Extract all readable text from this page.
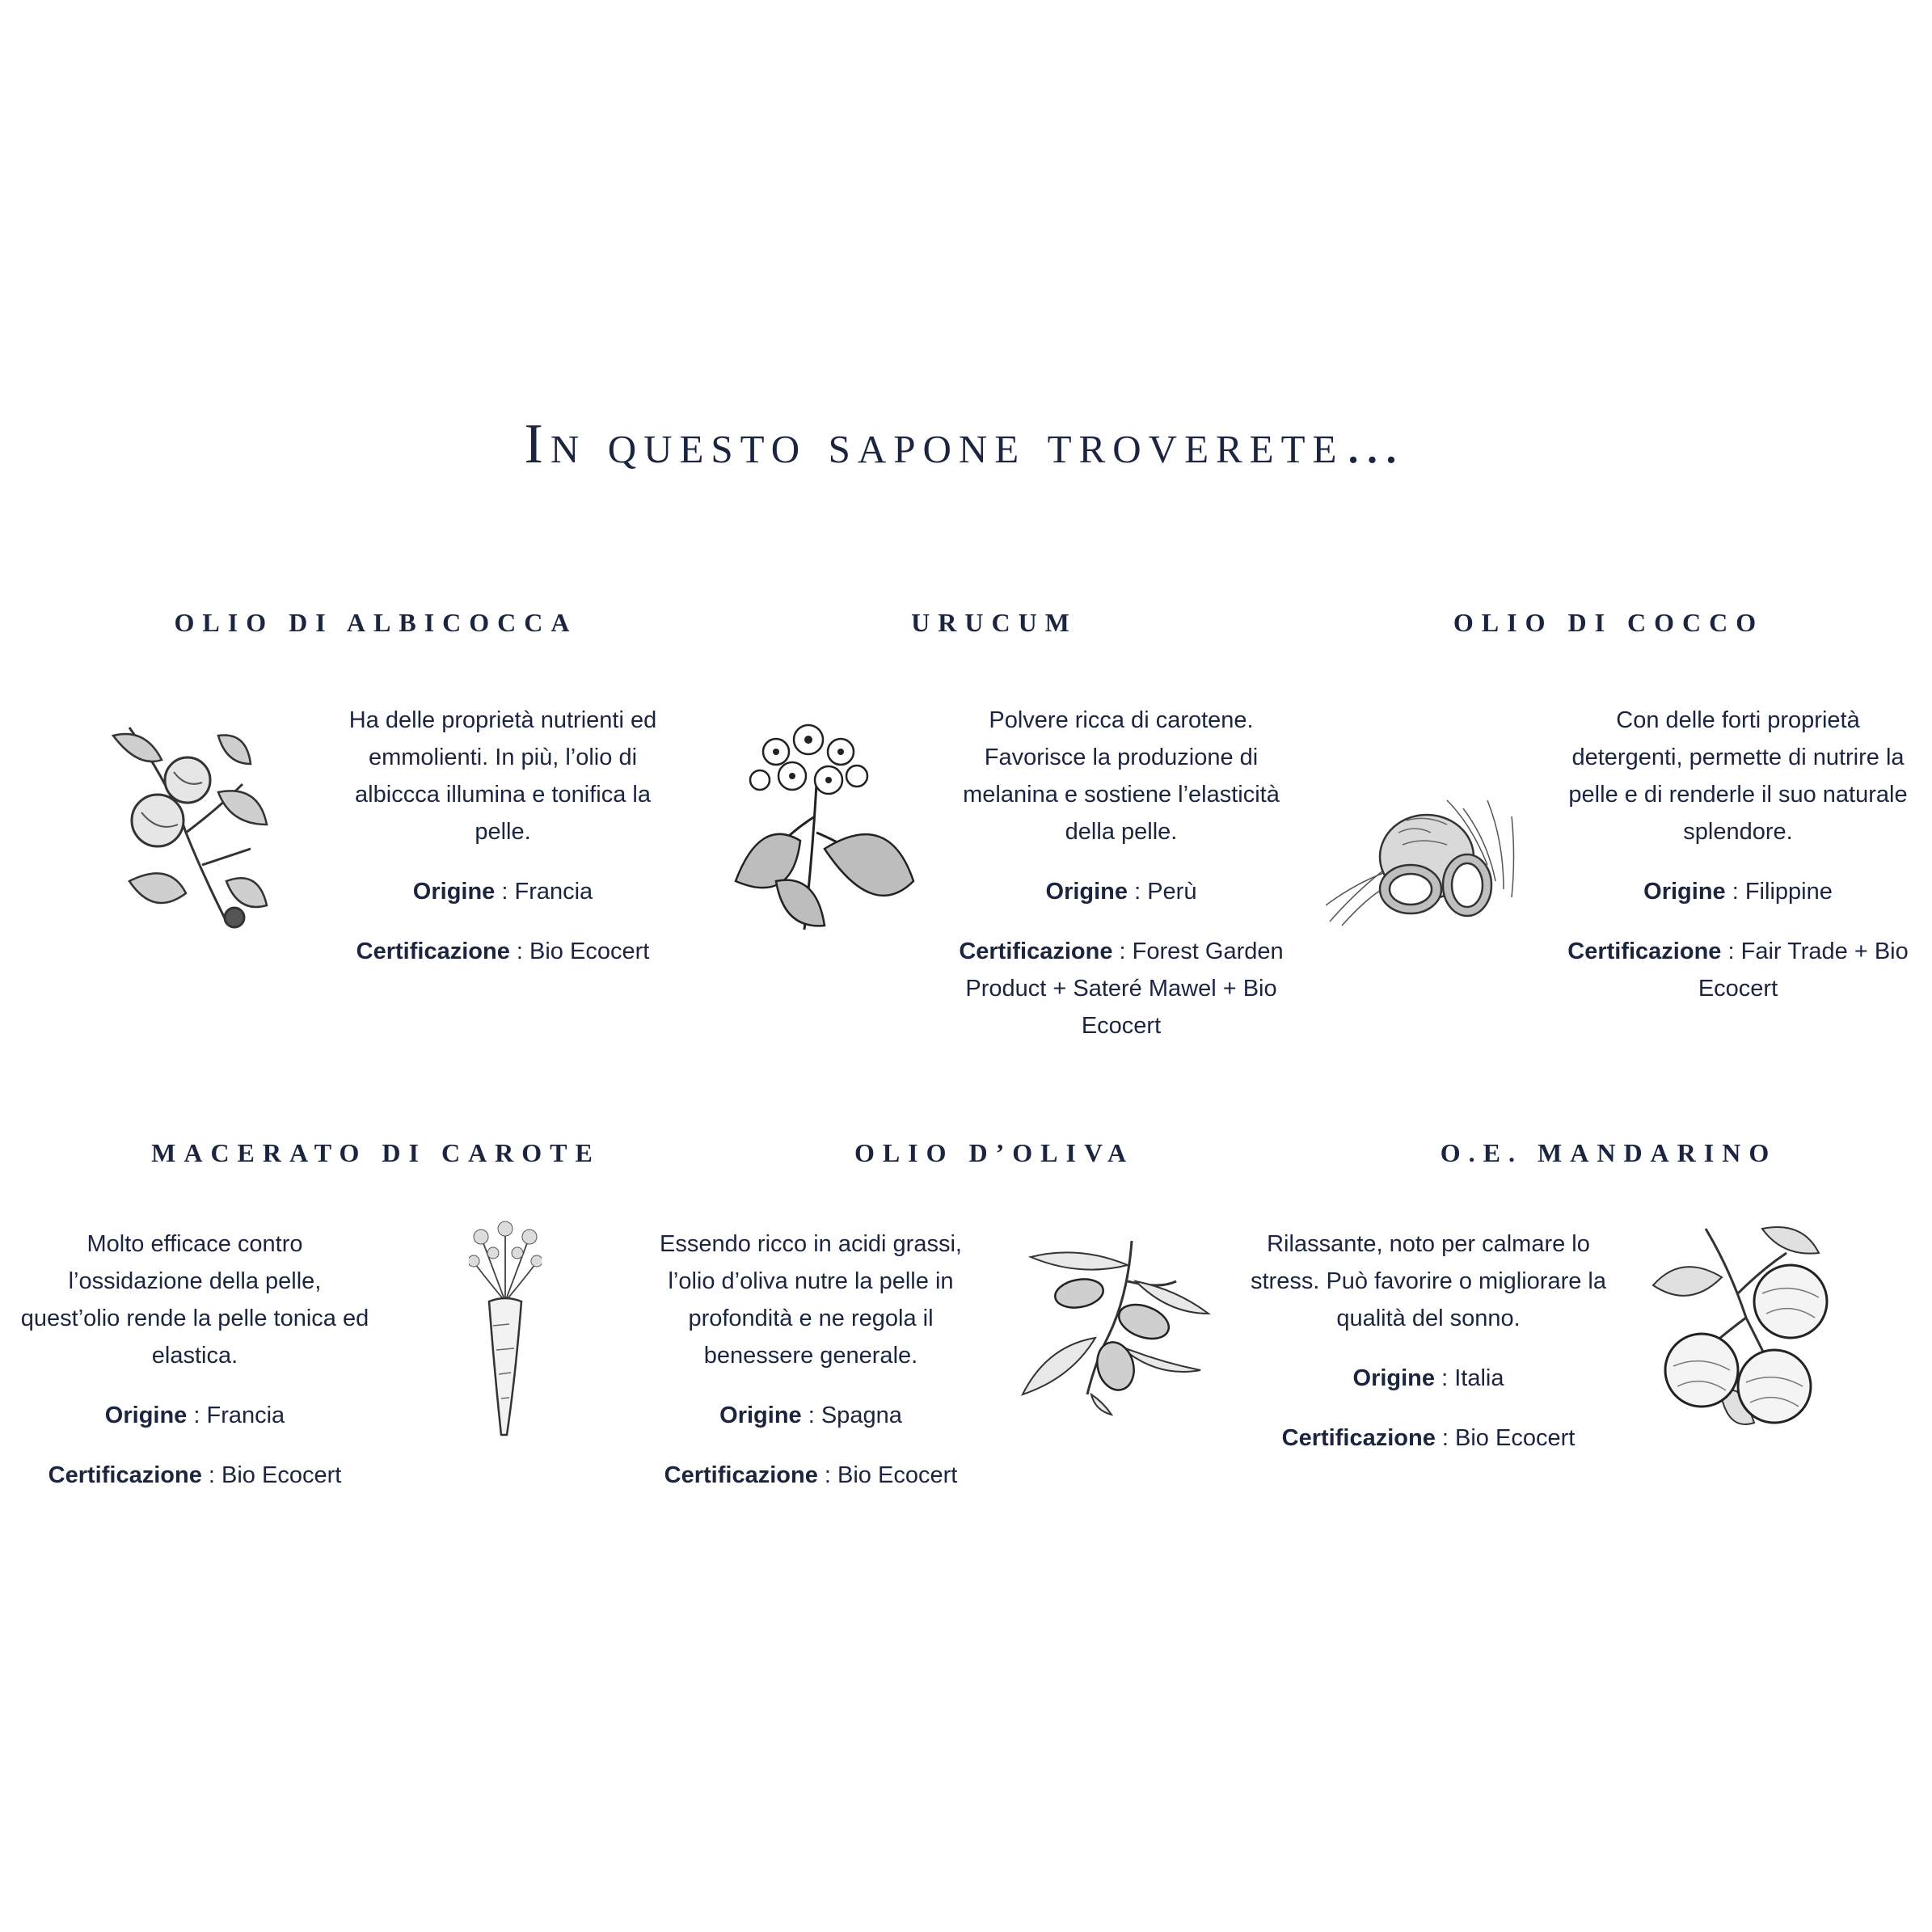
In questo sapone troverete…
OLIO DI ALBICOCCA

Ha delle proprietà nutrienti ed emmolienti. In più, l’olio di albiccca illumina e tonifica la pelle.

Origine : Francia

Certificazione : Bio Ecocert

URUCUM

Polvere ricca di carotene. Favorisce la produzione di melanina e sostiene l’elasticità della pelle.

Origine : Perù

Certificazione : Forest Garden Product + Sateré Mawel + Bio Ecocert

OLIO DI COCCO

Con delle forti proprietà detergenti, permette di nutrire la pelle e di renderle il suo naturale splendore.

Origine : Filippine

Certificazione : Fair Trade + Bio Ecocert

MACERATO DI CAROTE

Molto efficace contro l’ossidazione della pelle, quest’olio rende la pelle tonica ed elastica.

Origine : Francia

Certificazione : Bio Ecocert

OLIO D’OLIVA

Essendo ricco in acidi grassi, l’olio d’oliva nutre la pelle in profondità e ne regola il benessere generale.

Origine : Spagna

Certificazione : Bio Ecocert

O.E. MANDARINO

Rilassante, noto per calmare lo stress. Può favorire o migliorare la qualità del sonno.

Origine : Italia

Certificazione : Bio Ecocert
